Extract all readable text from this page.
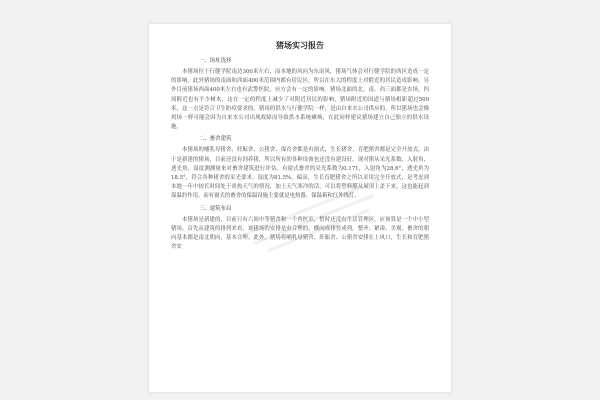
猪场实习报告
一、场址选择

本猪场位于行健学院南边300米左右，而本地的风向为东南风，猪场气体会对行健学院的西区造成一定的影响。此外猪场的南面和西面400米范围内都有居民区，所以在东大的程度上对附近的居民造成影响。另外目前猪场西面400米左右也有武警医院，应方会有一定的影响。猪场北面的北、南、西三面都是农场。四周附近也有不少树木，这在一定的程度上减少了对附近居民的影响，猪场附近的国道与猪场相距超过500米，这一点是符合卫生防疫要求的。猪场的供水与行健学院一样，是由自来水公司供应的，所以猪场也会像鸡场一样可能会因为自来水公司出现故障而导致供水系统瘫痪，在此同样建议猪场建立自己独立的供水设施。

二、畜舍建筑

本猪场的哺乳母猪舍、妊娠舍、公猪舍、保育舍都是有窗式，生长猪舍、育肥猪舍都是完全开放式。由于是新建的猪场，目前还没有饲养猪，所以所有的各种设备也还没有建设好。现对猪从采光系数，入射角、透光角，湿度测测量来对畜舍建筑进行评估。有窗式畜舍的采光系数为0.171，入射角为28.6°，透光角为18.5°，符合各种猪舍的采光要求。湿度为81.5%，偏高，生长育肥猪舍之所以采用完全开放式，是考虑到本地一年中较长时间处于炎热天气的情况，加上天气寒冷的话，可以将塑料膜从屋顶上盖下来，这也能起到保温的作用。而有窗式的畜舍的保温设施主要就是电热器、保温箱和红外线灯。

三、建筑布局

本猪场是新建的，目前只有六间中等猪舍和一个兽医室，暂时还没有生活管理区，应该算是一个中小型猪场。首先从建筑的排列来看，该猪场的安排是有合理的，横向成排竖成列，整齐、紧凑、美观。畜舍的朝向基本都是南北朝向，基本合理。此外，猪场将哺乳母猪舍、妊娠舍、公猪舍安排在上风口，生长和育肥猪舍安
